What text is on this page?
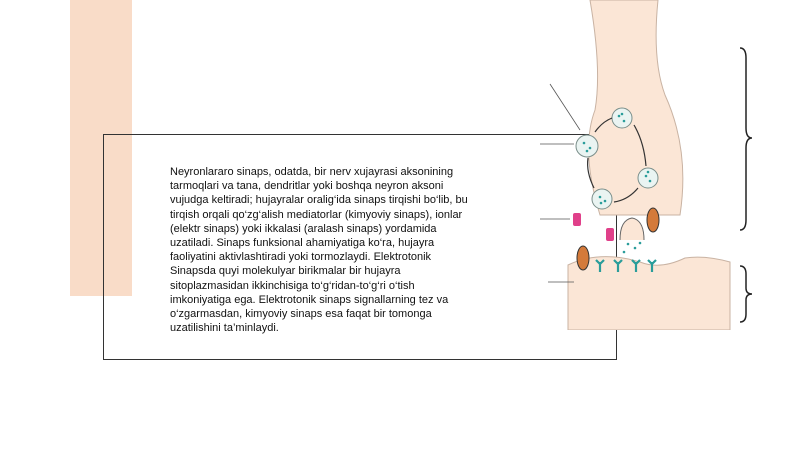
Neyronlararo sinaps, odatda, bir nerv xujayrasi aksonining
tarmoqlari va tana, dendritlar yoki boshqa neyron aksoni
vujudga keltiradi; hujayralar oralig‘ida sinaps tirqishi bo‘lib, bu
tirqish orqali qo‘zg‘alish mediatorlar (kimyoviy sinaps), ionlar
(elektr sinaps) yoki ikkalasi (aralash sinaps) yordamida
uzatiladi. Sinaps funksional ahamiyatiga ko‘ra, hujayra
faoliyatini aktivlashtiradi yoki tormozlaydi. Elektrotonik
Sinapsda quyi molekulyar birikmalar bir hujayra
sitoplazmasidan ikkinchisiga to‘g‘ridan-to‘g‘ri o‘tish
imkoniyatiga ega. Elektrotonik sinaps signallarning tez va
o‘zgarmasdan, kimyoviy sinaps esa faqat bir tomonga
uzatilishini ta’minlaydi.
